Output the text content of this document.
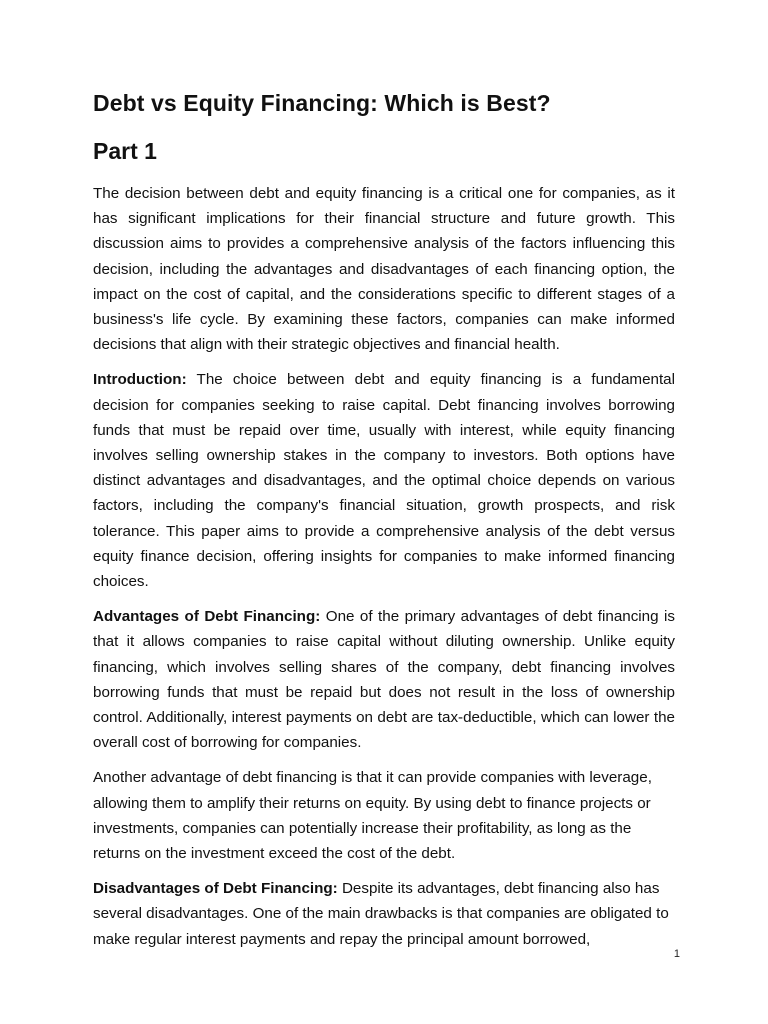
Debt vs Equity Financing: Which is Best?
Part 1

The decision between debt and equity financing is a critical one for companies, as it has significant implications for their financial structure and future growth. This discussion aims to provides a comprehensive analysis of the factors influencing this decision, including the advantages and disadvantages of each financing option, the impact on the cost of capital, and the considerations specific to different stages of a business's life cycle. By examining these factors, companies can make informed decisions that align with their strategic objectives and financial health.

Introduction: The choice between debt and equity financing is a fundamental decision for companies seeking to raise capital. Debt financing involves borrowing funds that must be repaid over time, usually with interest, while equity financing involves selling ownership stakes in the company to investors. Both options have distinct advantages and disadvantages, and the optimal choice depends on various factors, including the company's financial situation, growth prospects, and risk tolerance. This paper aims to provide a comprehensive analysis of the debt versus equity finance decision, offering insights for companies to make informed financing choices.

Advantages of Debt Financing: One of the primary advantages of debt financing is that it allows companies to raise capital without diluting ownership. Unlike equity financing, which involves selling shares of the company, debt financing involves borrowing funds that must be repaid but does not result in the loss of ownership control. Additionally, interest payments on debt are tax-deductible, which can lower the overall cost of borrowing for companies.

Another advantage of debt financing is that it can provide companies with leverage, allowing them to amplify their returns on equity. By using debt to finance projects or investments, companies can potentially increase their profitability, as long as the returns on the investment exceed the cost of the debt.

Disadvantages of Debt Financing: Despite its advantages, debt financing also has several disadvantages. One of the main drawbacks is that companies are obligated to make regular interest payments and repay the principal amount borrowed,

1
